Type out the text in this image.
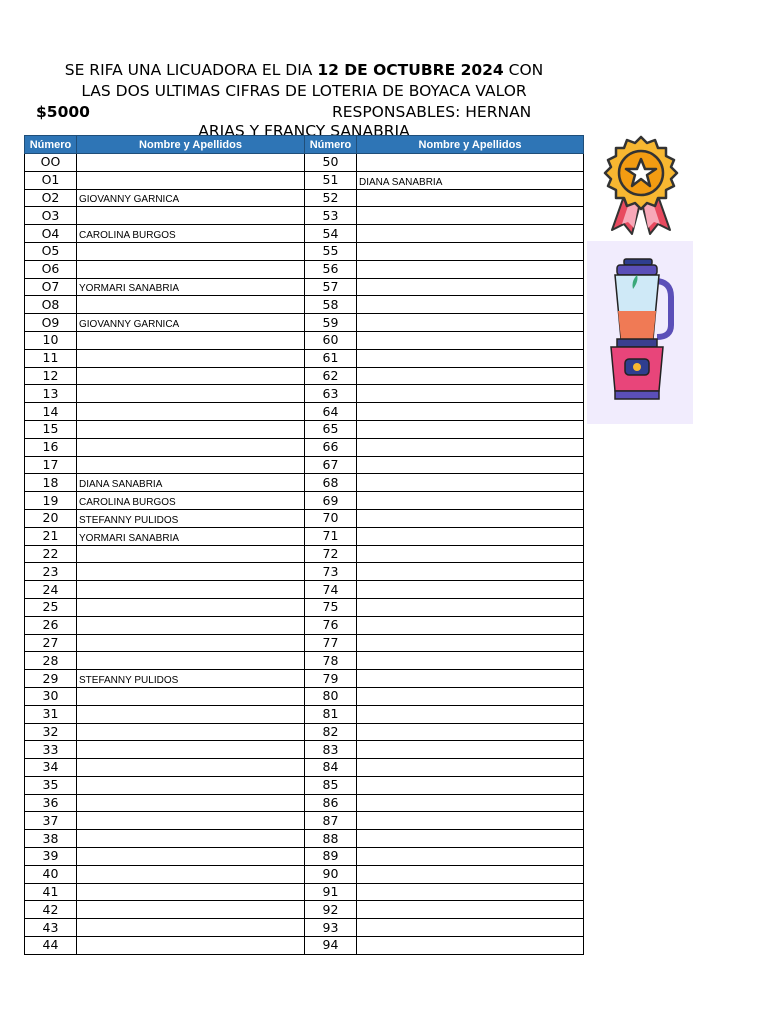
SE RIFA UNA LICUADORA EL DIA 12 DE OCTUBRE 2024 CON
LAS DOS ULTIMAS CIFRAS DE LOTERIA DE BOYACA VALOR
$5000	RESPONSABLES: HERNAN
ARIAS Y FRANCY SANABRIA
Número	Nombre y Apellidos	Número	Nombre y Apellidos
OO		50	
O1		51	DIANA SANABRIA
O2	GIOVANNY GARNICA	52	
O3		53	
O4	CAROLINA BURGOS	54	
O5		55	
O6		56	
O7	YORMARI SANABRIA	57	
O8		58	
O9	GIOVANNY GARNICA	59	
10		60	
11		61	
12		62	
13		63	
14		64	
15		65	
16		66	
17		67	
18	DIANA SANABRIA	68	
19	CAROLINA BURGOS	69	
20	STEFANNY PULIDOS	70	
21	YORMARI SANABRIA	71	
22		72	
23		73	
24		74	
25		75	
26		76	
27		77	
28		78	
29	STEFANNY PULIDOS	79	
30		80	
31		81	
32		82	
33		83	
34		84	
35		85	
36		86	
37		87	
38		88	
39		89	
40		90	
41		91	
42		92	
43		93	
44		94	
